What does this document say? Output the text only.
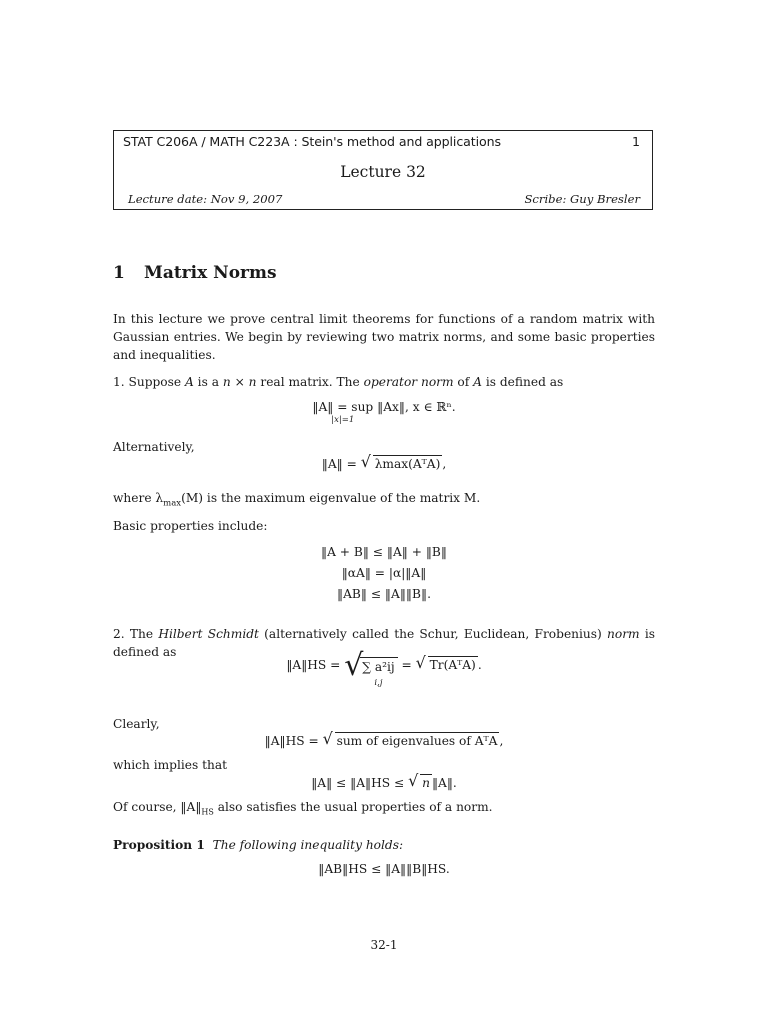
STAT C206A / MATH C223A : Stein's method and applications	1
Lecture 32
Lecture date: Nov 9, 2007	Scribe: Guy Bresler
1 Matrix Norms
In this lecture we prove central limit theorems for functions of a random matrix with Gaussian entries. We begin by reviewing two matrix norms, and some basic properties and inequalities.
1. Suppose A is a n × n real matrix. The operator norm of A is defined as
‖A‖ = sup
|x|=1
‖Ax‖, x ∈ ℝⁿ.
Alternatively,
‖A‖ = √ λmax(AᵀA) ,
where $\lambda_{max}(M)$ is the maximum eigenvalue of the matrix M.
Basic properties include:
‖A + B‖ ≤ ‖A‖ + ‖B‖
‖αA‖ = |α|‖A‖
‖AB‖ ≤ ‖A‖‖B‖.
2. The Hilbert Schmidt (alternatively called the Schur, Euclidean, Frobenius) norm is defined as
‖A‖HS = √
∑ a²ij
i,j
= √ Tr(AᵀA) .
Clearly,
‖A‖HS = √ sum of eigenvalues of AᵀA ,
which implies that
‖A‖ ≤ ‖A‖HS ≤ √ n ‖A‖.
Of course, $‖A‖_{HS}$ also satisfies the usual properties of a norm.
Proposition 1 The following inequality holds:
‖AB‖HS ≤ ‖A‖‖B‖HS.
32-1
